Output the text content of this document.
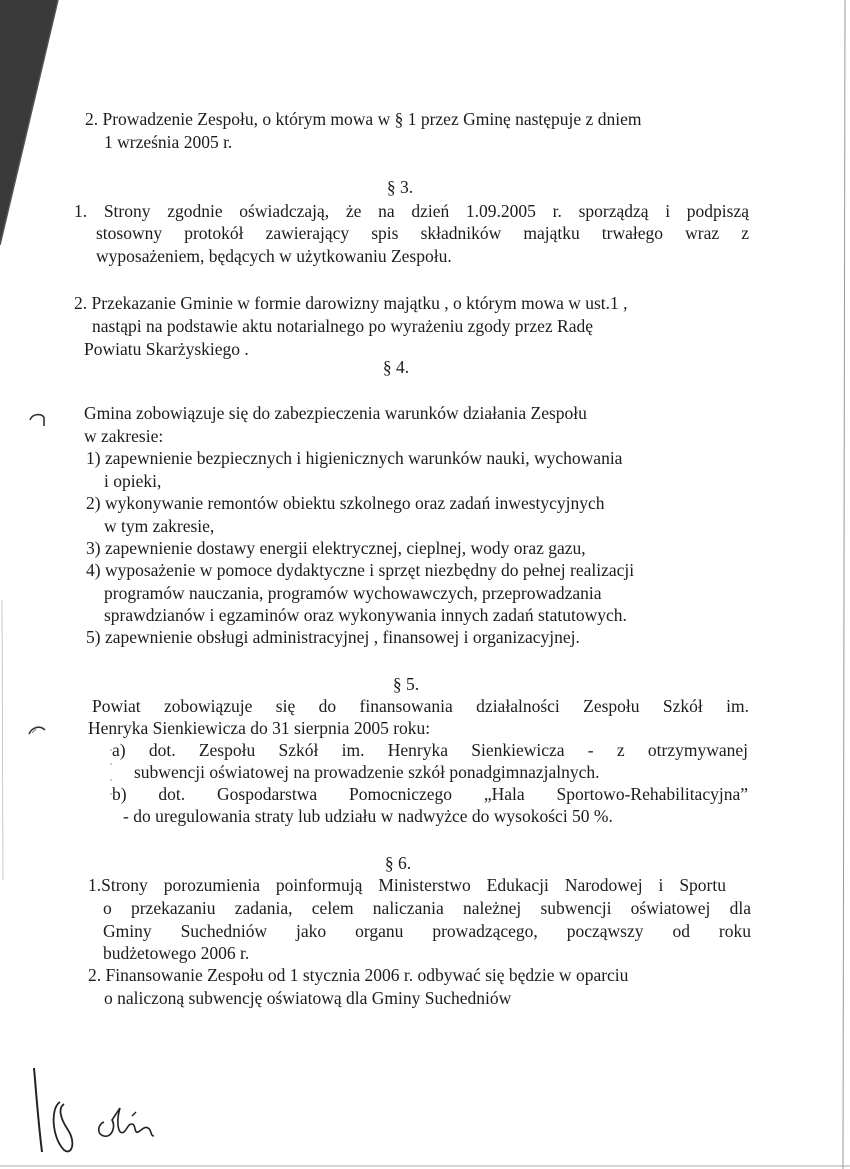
2. Prowadzenie Zespołu, o którym mowa w § 1 przez Gminę następuje z dniem
1 września 2005 r.
§ 3.
1. Strony zgodnie oświadczają, że na dzień 1.09.2005 r. sporządzą i podpiszą
stosowny protokół zawierający spis składników majątku trwałego wraz z
wyposażeniem, będących w użytkowaniu Zespołu.
2. Przekazanie Gminie w formie darowizny majątku , o którym mowa w ust.1 ,
nastąpi na podstawie aktu notarialnego po wyrażeniu zgody przez Radę
Powiatu Skarżyskiego .
§ 4.
Gmina zobowiązuje się do zabezpieczenia warunków działania Zespołu
w zakresie:
1) zapewnienie bezpiecznych i higienicznych warunków nauki, wychowania
i opieki,
2) wykonywanie remontów obiektu szkolnego oraz zadań inwestycyjnych
w tym zakresie,
3) zapewnienie dostawy energii elektrycznej, cieplnej, wody oraz gazu,
4) wyposażenie w pomoce dydaktyczne i sprzęt niezbędny do pełnej realizacji
programów nauczania, programów wychowawczych, przeprowadzania
sprawdzianów i egzaminów oraz wykonywania innych zadań statutowych.
5) zapewnienie obsługi administracyjnej , finansowej i organizacyjnej.
§ 5.
Powiat zobowiązuje się do finansowania działalności Zespołu Szkół im.
Henryka Sienkiewicza do 31 sierpnia 2005 roku:
a) dot. Zespołu Szkół im. Henryka Sienkiewicza - z otrzymywanej
subwencji oświatowej na prowadzenie szkół ponadgimnazjalnych.
b) dot. Gospodarstwa Pomocniczego „Hala Sportowo-Rehabilitacyjna”
- do uregulowania straty lub udziału w nadwyżce do wysokości 50 %.
§ 6.
1.Strony porozumienia poinformują Ministerstwo Edukacji Narodowej i Sportu
o przekazaniu zadania, celem naliczania należnej subwencji oświatowej dla
Gminy Suchedniów jako organu prowadzącego, począwszy od roku
budżetowego 2006 r.
2. Finansowanie Zespołu od 1 stycznia 2006 r. odbywać się będzie w oparciu
o naliczoną subwencję oświatową dla Gminy Suchedniów
